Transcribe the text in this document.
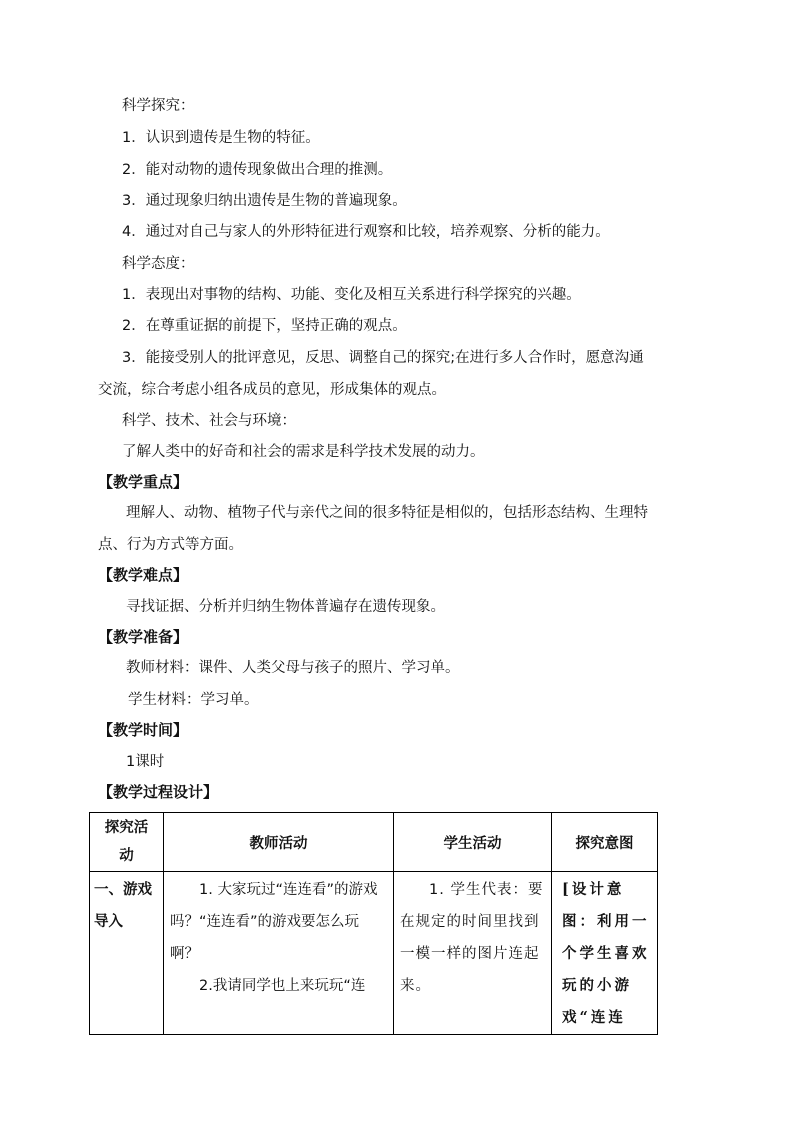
科学探究：
1．认识到遗传是生物的特征。
2．能对动物的遗传现象做出合理的推测。
3．通过现象归纳出遗传是生物的普遍现象。
4．通过对自己与家人的外形特征进行观察和比较，培养观察、分析的能力。
科学态度：
1．表现出对事物的结构、功能、变化及相互关系进行科学探究的兴趣。
2．在尊重证据的前提下，坚持正确的观点。
3．能接受别人的批评意见，反思、调整自己的探究;在进行多人合作时，愿意沟通
交流，综合考虑小组各成员的意见，形成集体的观点。
科学、技术、社会与环境：
了解人类中的好奇和社会的需求是科学技术发展的动力。
【教学重点】
理解人、动物、植物子代与亲代之间的很多特征是相似的，包括形态结构、生理特
点、行为方式等方面。
【教学难点】
寻找证据、分析并归纳生物体普遍存在遗传现象。
【教学准备】
教师材料：课件、人类父母与孩子的照片、学习单。
学生材料：学习单。
【教学时间】
1课时
【教学过程设计】
探究活动	教师活动	学生活动	探究意图

一、游戏导入	1. 大家玩过“连连看”的游戏吗？“连连看”的游戏要怎么玩啊？
2.我请同学也上来玩玩“连	1. 学生代表：要在规定的时间里找到一模一样的图片连起来。	[设计意图：利用一个学生喜欢玩的小游戏“连连
